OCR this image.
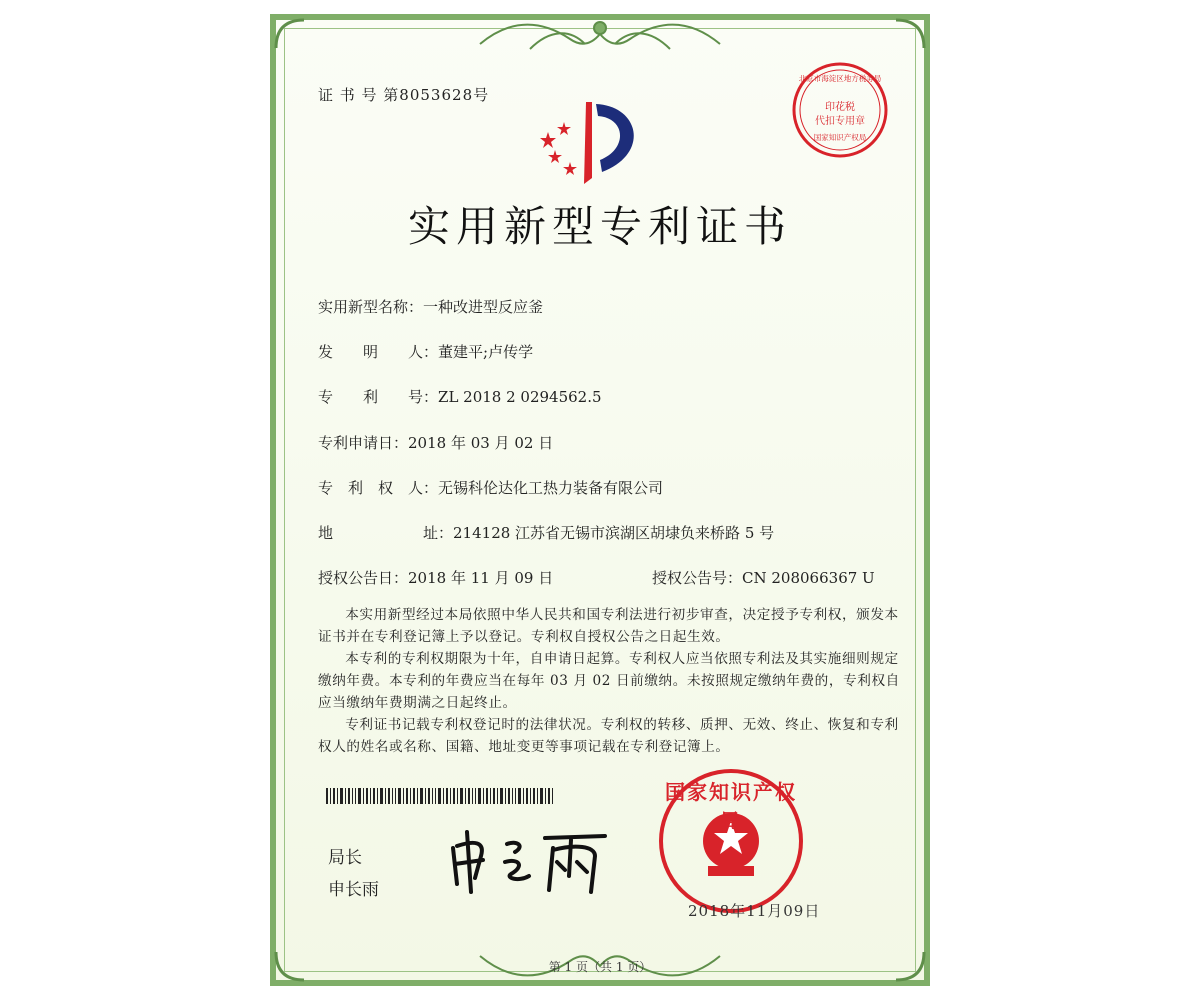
证 书 号 第8053628号
实用新型专利证书
实用新型名称：一种改进型反应釜
发　　明　　人：董建平;卢传学
专　　利　　号：ZL 2018 2 0294562.5
专利申请日：2018 年 03 月 02 日
专　利　权　人：无锡科伦达化工热力装备有限公司
地　　　　　　址：214128 江苏省无锡市滨湖区胡埭负来桥路 5 号
授权公告日：2018 年 11 月 09 日	授权公告号：CN 208066367 U

本实用新型经过本局依照中华人民共和国专利法进行初步审查，决定授予专利权，颁发本证书并在专利登记簿上予以登记。专利权自授权公告之日起生效。

本专利的专利权期限为十年，自申请日起算。专利权人应当依照专利法及其实施细则规定缴纳年费。本专利的年费应当在每年 03 月 02 日前缴纳。未按照规定缴纳年费的，专利权自应当缴纳年费期满之日起终止。

专利证书记载专利权登记时的法律状况。专利权的转移、质押、无效、终止、恢复和专利权人的姓名或名称、国籍、地址变更等事项记载在专利登记簿上。

局长
申长雨
北京市海淀区地方税务局
印花税
代扣专用章
国家知识产权局
国家知识产权局
2018年11月09日
第 1 页（共 1 页）
